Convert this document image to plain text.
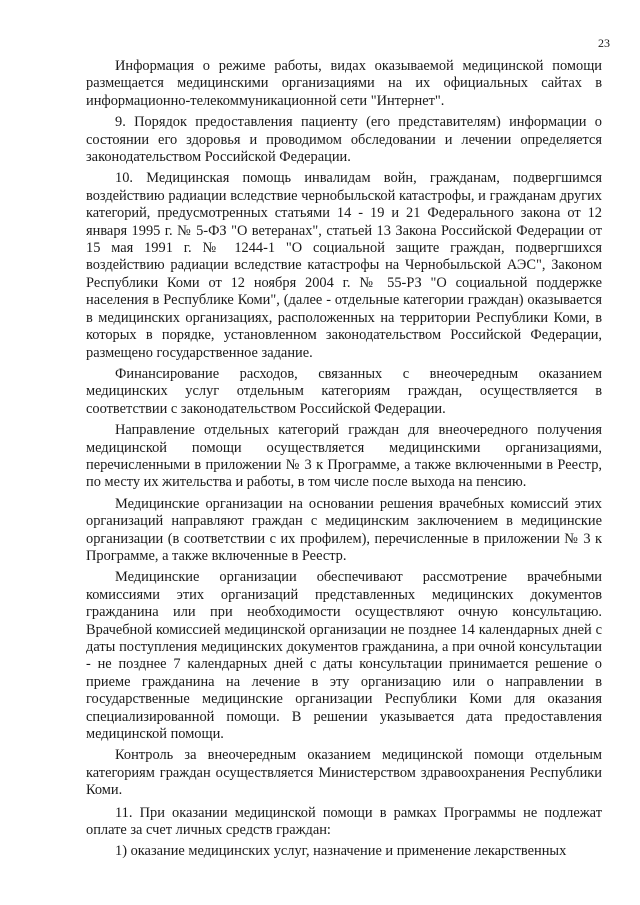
23

Информация о режиме работы, видах оказываемой медицинской помощи размещается медицинскими организациями на их официальных сайтах в информационно-телекоммуникационной сети "Интернет".

9. Порядок предоставления пациенту (его представителям) информации о состоянии его здоровья и проводимом обследовании и лечении определяется законодательством Российской Федерации.

10. Медицинская помощь инвалидам войн, гражданам, подвергшимся воздействию радиации вследствие чернобыльской катастрофы, и гражданам других категорий, предусмотренных статьями 14 - 19 и 21 Федерального закона от 12 января 1995 г. № 5-ФЗ "О ветеранах", статьей 13 Закона Российской Федерации от 15 мая 1991 г. № 1244-1 "О социальной защите граждан, подвергшихся воздействию радиации вследствие катастрофы на Чернобыльской АЭС", Законом Республики Коми от 12 ноября 2004 г. № 55-РЗ "О социальной поддержке населения в Республике Коми", (далее - отдельные категории граждан) оказывается в медицинских организациях, расположенных на территории Республики Коми, в которых в порядке, установленном законодательством Российской Федерации, размещено государственное задание.

Финансирование расходов, связанных с внеочередным оказанием медицинских услуг отдельным категориям граждан, осуществляется в соответствии с законодательством Российской Федерации.

Направление отдельных категорий граждан для внеочередного получения медицинской помощи осуществляется медицинскими организациями, перечисленными в приложении № 3 к Программе, а также включенными в Реестр, по месту их жительства и работы, в том числе после выхода на пенсию.

Медицинские организации на основании решения врачебных комиссий этих организаций направляют граждан с медицинским заключением в медицинские организации (в соответствии с их профилем), перечисленные в приложении № 3 к Программе, а также включенные в Реестр.

Медицинские организации обеспечивают рассмотрение врачебными комиссиями этих организаций представленных медицинских документов гражданина или при необходимости осуществляют очную консультацию. Врачебной комиссией медицинской организации не позднее 14 календарных дней с даты поступления медицинских документов гражданина, а при очной консультации - не позднее 7 календарных дней с даты консультации принимается решение о приеме гражданина на лечение в эту организацию или о направлении в государственные медицинские организации Республики Коми для оказания специализированной помощи. В решении указывается дата предоставления медицинской помощи.

Контроль за внеочередным оказанием медицинской помощи отдельным категориям граждан осуществляется Министерством здравоохранения Республики Коми.

11. При оказании медицинской помощи в рамках Программы не подлежат оплате за счет личных средств граждан:

1) оказание медицинских услуг, назначение и применение лекарственных
